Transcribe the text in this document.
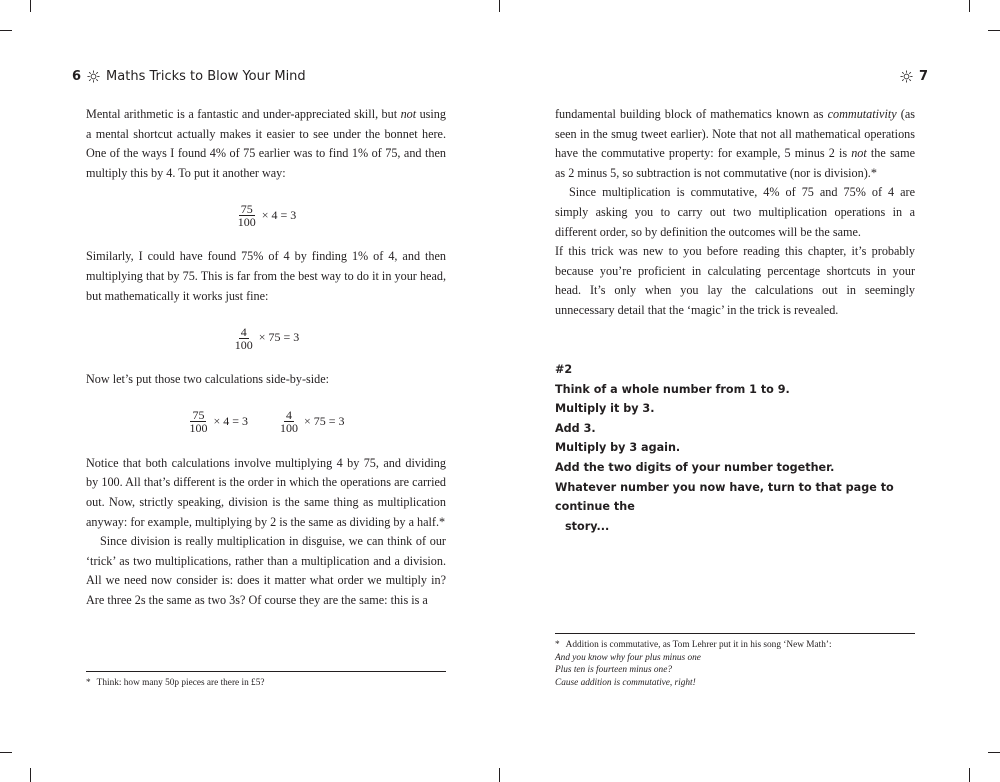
6 Maths Tricks to Blow Your Mind

Mental arithmetic is a fantastic and under-appreciated skill, but not using a mental shortcut actually makes it easier to see under the bonnet here. One of the ways I found 4% of 75 earlier was to find 1% of 75, and then multiply this by 4. To put it another way:

$\frac{75}{100} \times 4 = 3$

Similarly, I could have found 75% of 4 by finding 1% of 4, and then multiplying that by 75. This is far from the best way to do it in your head, but mathematically it works just fine:

$\frac{4}{100} \times 75 = 3$

Now let’s put those two calculations side-by-side:

$\frac{75}{100} \times 4 = 3$	$\frac{4}{100} \times 75 = 3$

Notice that both calculations involve multiplying 4 by 75, and dividing by 100. All that’s different is the order in which the operations are carried out. Now, strictly speaking, division is the same thing as multiplication anyway: for example, multiplying by 2 is the same as dividing by a half.*

Since division is really multiplication in disguise, we can think of our ‘trick’ as two multiplications, rather than a multiplication and a division. All we need now consider is: does it matter what order we multiply in? Are three 2s the same as two 3s? Of course they are the same: this is a

* Think: how many 50p pieces are there in £5?
7

fundamental building block of mathematics known as commutativity (as seen in the smug tweet earlier). Note that not all mathematical operations have the commutative property: for example, 5 minus 2 is not the same as 2 minus 5, so subtraction is not commutative (nor is division).*

Since multiplication is commutative, 4% of 75 and 75% of 4 are simply asking you to carry out two multiplication operations in a different order, so by definition the outcomes will be the same.

If this trick was new to you before reading this chapter, it’s probably because you’re proficient in calculating percentage shortcuts in your head. It’s only when you lay the calculations out in seemingly unnecessary detail that the ‘magic’ in the trick is revealed.

#2
Think of a whole number from 1 to 9.
Multiply it by 3.
Add 3.
Multiply by 3 again.
Add the two digits of your number together.
Whatever number you now have, turn to that page to continue the
story...
* Addition is commutative, as Tom Lehrer put it in his song ‘New Math’:
And you know why four plus minus one
Plus ten is fourteen minus one?
Cause addition is commutative, right!
